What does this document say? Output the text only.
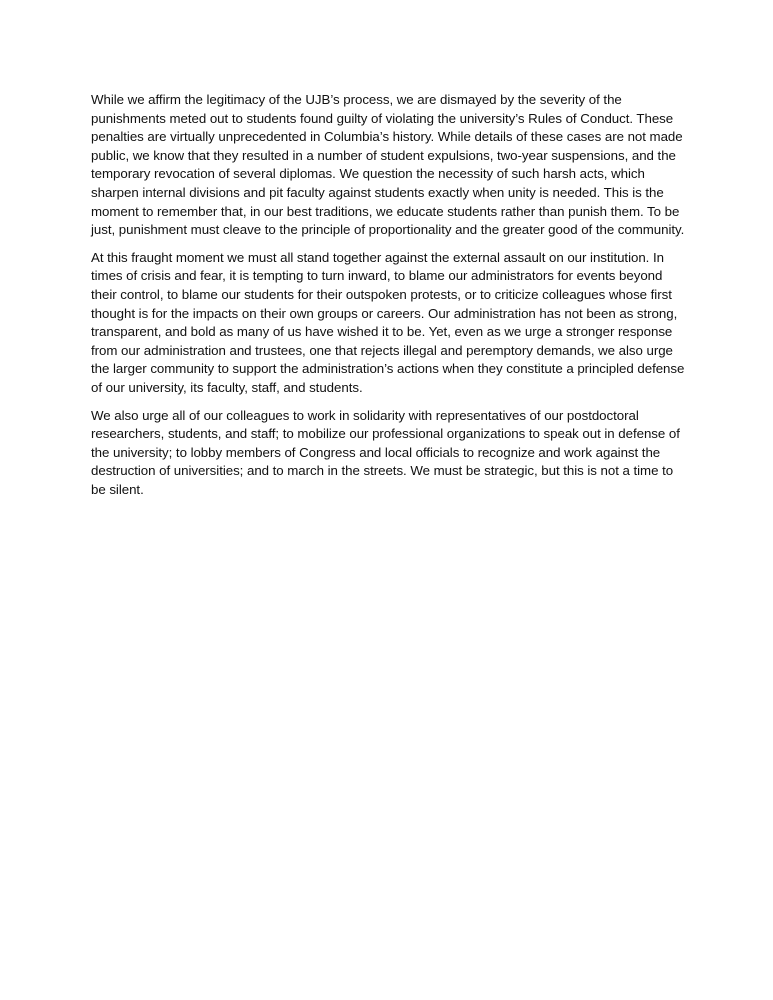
While we affirm the legitimacy of the UJB’s process, we are dismayed by the severity of the punishments meted out to students found guilty of violating the university’s Rules of Conduct. These penalties are virtually unprecedented in Columbia’s history. While details of these cases are not made public, we know that they resulted in a number of student expulsions, two-year suspensions, and the temporary revocation of several diplomas. We question the necessity of such harsh acts, which sharpen internal divisions and pit faculty against students exactly when unity is needed. This is the moment to remember that, in our best traditions, we educate students rather than punish them. To be just, punishment must cleave to the principle of proportionality and the greater good of the community.

At this fraught moment we must all stand together against the external assault on our institution. In times of crisis and fear, it is tempting to turn inward, to blame our administrators for events beyond their control, to blame our students for their outspoken protests, or to criticize colleagues whose first thought is for the impacts on their own groups or careers. Our administration has not been as strong, transparent, and bold as many of us have wished it to be. Yet, even as we urge a stronger response from our administration and trustees, one that rejects illegal and peremptory demands, we also urge the larger community to support the administration’s actions when they constitute a principled defense of our university, its faculty, staff, and students.

We also urge all of our colleagues to work in solidarity with representatives of our postdoctoral researchers, students, and staff; to mobilize our professional organizations to speak out in defense of the university; to lobby members of Congress and local officials to recognize and work against the destruction of universities; and to march in the streets. We must be strategic, but this is not a time to be silent.
